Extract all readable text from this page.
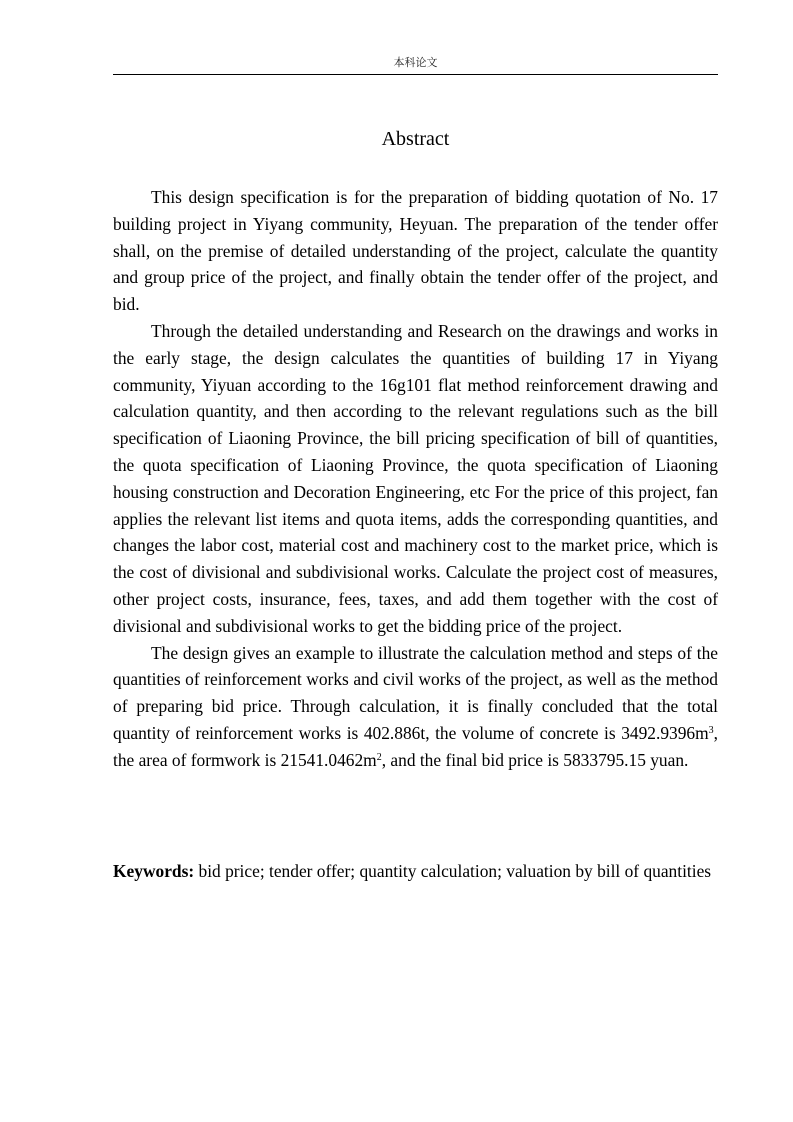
本科论文
Abstract

This design specification is for the preparation of bidding quotation of No. 17 building project in Yiyang community, Heyuan. The preparation of the tender offer shall, on the premise of detailed understanding of the project, calculate the quantity and group price of the project, and finally obtain the tender offer of the project, and bid.

Through the detailed understanding and Research on the drawings and works in the early stage, the design calculates the quantities of building 17 in Yiyang community, Yiyuan according to the 16g101 flat method reinforcement drawing and calculation quantity, and then according to the relevant regulations such as the bill specification of Liaoning Province, the bill pricing specification of bill of quantities, the quota specification of Liaoning Province, the quota specification of Liaoning housing construction and Decoration Engineering, etc For the price of this project, fan applies the relevant list items and quota items, adds the corresponding quantities, and changes the labor cost, material cost and machinery cost to the market price, which is the cost of divisional and subdivisional works. Calculate the project cost of measures, other project costs, insurance, fees, taxes, and add them together with the cost of divisional and subdivisional works to get the bidding price of the project.

The design gives an example to illustrate the calculation method and steps of the quantities of reinforcement works and civil works of the project, as well as the method of preparing bid price. Through calculation, it is finally concluded that the total quantity of reinforcement works is 402.886t, the volume of concrete is $3492.9396m^3$, the area of formwork is $21541.0462m^2$, and the final bid price is 5833795.15 yuan.

Keywords: bid price; tender offer; quantity calculation; valuation by bill of quantities
